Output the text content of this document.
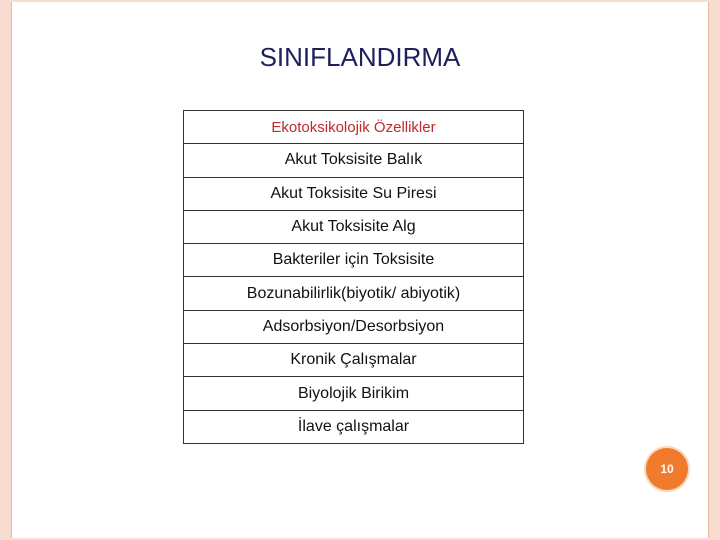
SINIFLANDIRMA
Ekotoksikolojik Özellikler
Akut Toksisite Balık
Akut Toksisite Su Piresi
Akut Toksisite Alg
Bakteriler için Toksisite
Bozunabilirlik(biyotik/ abiyotik)
Adsorbsiyon/Desorbsiyon
Kronik Çalışmalar
Biyolojik Birikim
İlave çalışmalar
10
